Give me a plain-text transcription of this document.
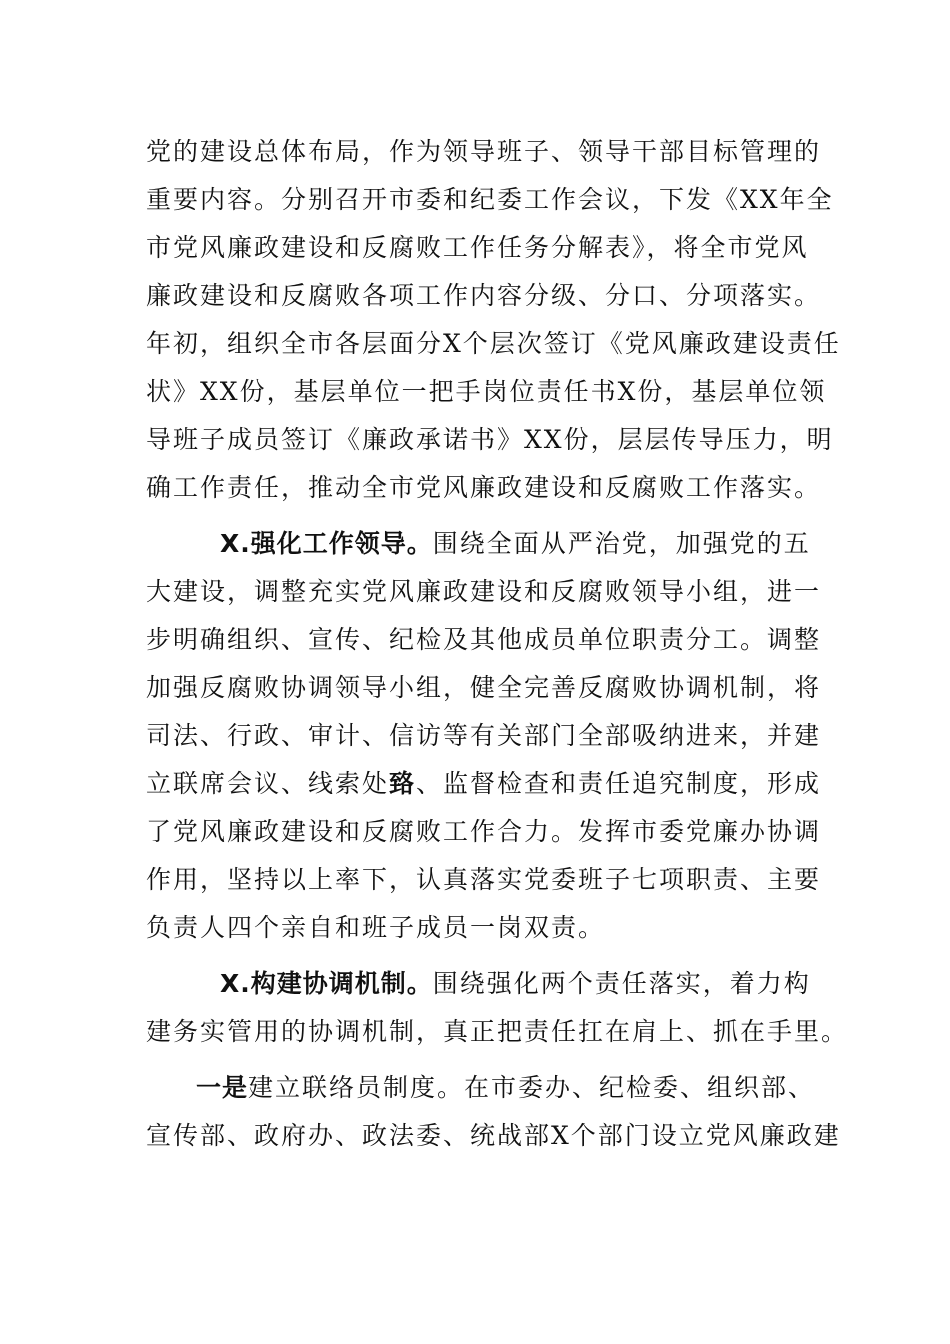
党的建设总体布局，作为领导班子、领导干部目标管理的
重要内容。分别召开市委和纪委工作会议，下发《XX年全
市党风廉政建设和反腐败工作任务分解表》，将全市党风
廉政建设和反腐败各项工作内容分级、分口、分项落实。
年初，组织全市各层面分X个层次签订《党风廉政建设责任
状》XX份，基层单位一把手岗位责任书X份，基层单位领
导班子成员签订《廉政承诺书》XX份，层层传导压力，明
确工作责任，推动全市党风廉政建设和反腐败工作落实。
X.强化工作领导。围绕全面从严治党，加强党的五
大建设，调整充实党风廉政建设和反腐败领导小组，进一
步明确组织、宣传、纪检及其他成员单位职责分工。调整
加强反腐败协调领导小组，健全完善反腐败协调机制，将
司法、行政、审计、信访等有关部门全部吸纳进来，并建
立联席会议、线索处臵、监督检查和责任追究制度，形成
了党风廉政建设和反腐败工作合力。发挥市委党廉办协调
作用，坚持以上率下，认真落实党委班子七项职责、主要
负责人四个亲自和班子成员一岗双责。
X.构建协调机制。围绕强化两个责任落实，着力构
建务实管用的协调机制，真正把责任扛在肩上、抓在手里。
一是建立联络员制度。在市委办、纪检委、组织部、
宣传部、政府办、政法委、统战部X个部门设立党风廉政建
